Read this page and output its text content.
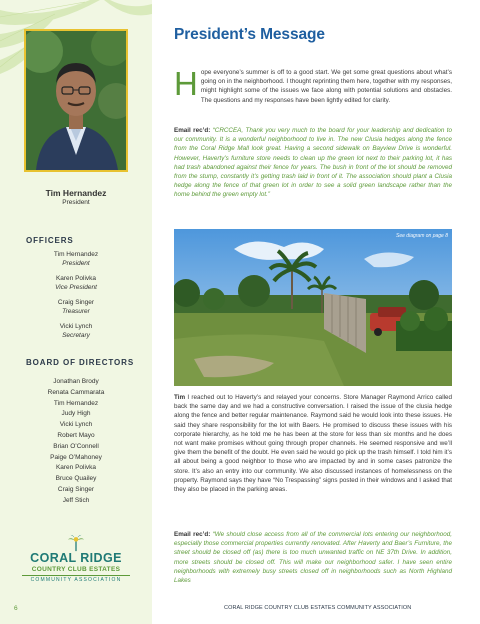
Tim Hernandez
President
OFFICERS
Tim Hernandez
President
Karen Polivka
Vice President
Craig Singer
Treasurer
Vicki Lynch
Secretary
BOARD OF DIRECTORS
Jonathan Brody
Renata Cammarata
Tim Hernandez
Judy High
Vicki Lynch
Robert Mayo
Brian O’Connell
Paige O’Mahoney
Karen Polivka
Bruce Quailey
Craig Singer
Jeff Stich
CORAL RIDGE
COUNTRY CLUB ESTATES
COMMUNITY ASSOCIATION
6
President’s Message

Hope everyone’s summer is off to a good start. We get some great questions about what’s going on in the neighborhood. I thought reprinting them here, together with my responses, might highlight some of the issues we face along with potential solutions and obstacles. The questions and my responses have been lightly edited for clarity.

Email rec’d: “CRCCEA, Thank you very much to the board for your leadership and dedication to our community. It is a wonderful neighborhood to live in. The new Clusia hedges along the fence from the Coral Ridge Mall look great. Having a second sidewalk on Bayview Drive is wonderful. However, Haverty’s furniture store needs to clean up the green lot next to their parking lot, it has had trash abandoned against their fence for years. The bush in front of the lot should be removed from the stump, constantly it’s getting trash laid in front of it. The association should plant a Clusia hedge along the fence of that green lot in order to see a solid green landscape rather than the home behind the green empty lot.”

See diagram on page 8

Tim I reached out to Haverty’s and relayed your concerns. Store Manager Raymond Arrico called back the same day and we had a constructive conversation. I raised the issue of the clusia hedge along the fence and better regular maintenance. Raymond said he would look into these issues. He said they share responsibility for the lot with Baers. He promised to discuss these issues with his corporate hierarchy, as he told me he has been at the store for less than six months and he does not want make promises without going through proper channels. He seemed responsive and we’ll give them the benefit of the doubt. He even said he would go pick up the trash himself. I told him it’s all about being a good neighbor to those who are impacted by and in some cases patronize the store. It’s also an entry into our community. We also discussed instances of homelessness on the property. Raymond says they have “No Trespassing” signs posted in their windows and I asked that they also be placed in the parking areas.

Email rec’d: “We should close access from all of the commercial lots entering our neighborhood, especially those commercial properties currently renovated. After Haverty and Baer’s Furniture, the street should be closed off (as) there is too much unwanted traffic on NE 37th Drive. In addition, more streets should be closed off. This will make our neighborhood safer. I have seen entire neighborhoods with extremely busy streets closed off in neighborhoods such as North Highland Lakes

CORAL RIDGE COUNTRY CLUB ESTATES COMMUNITY ASSOCIATION
